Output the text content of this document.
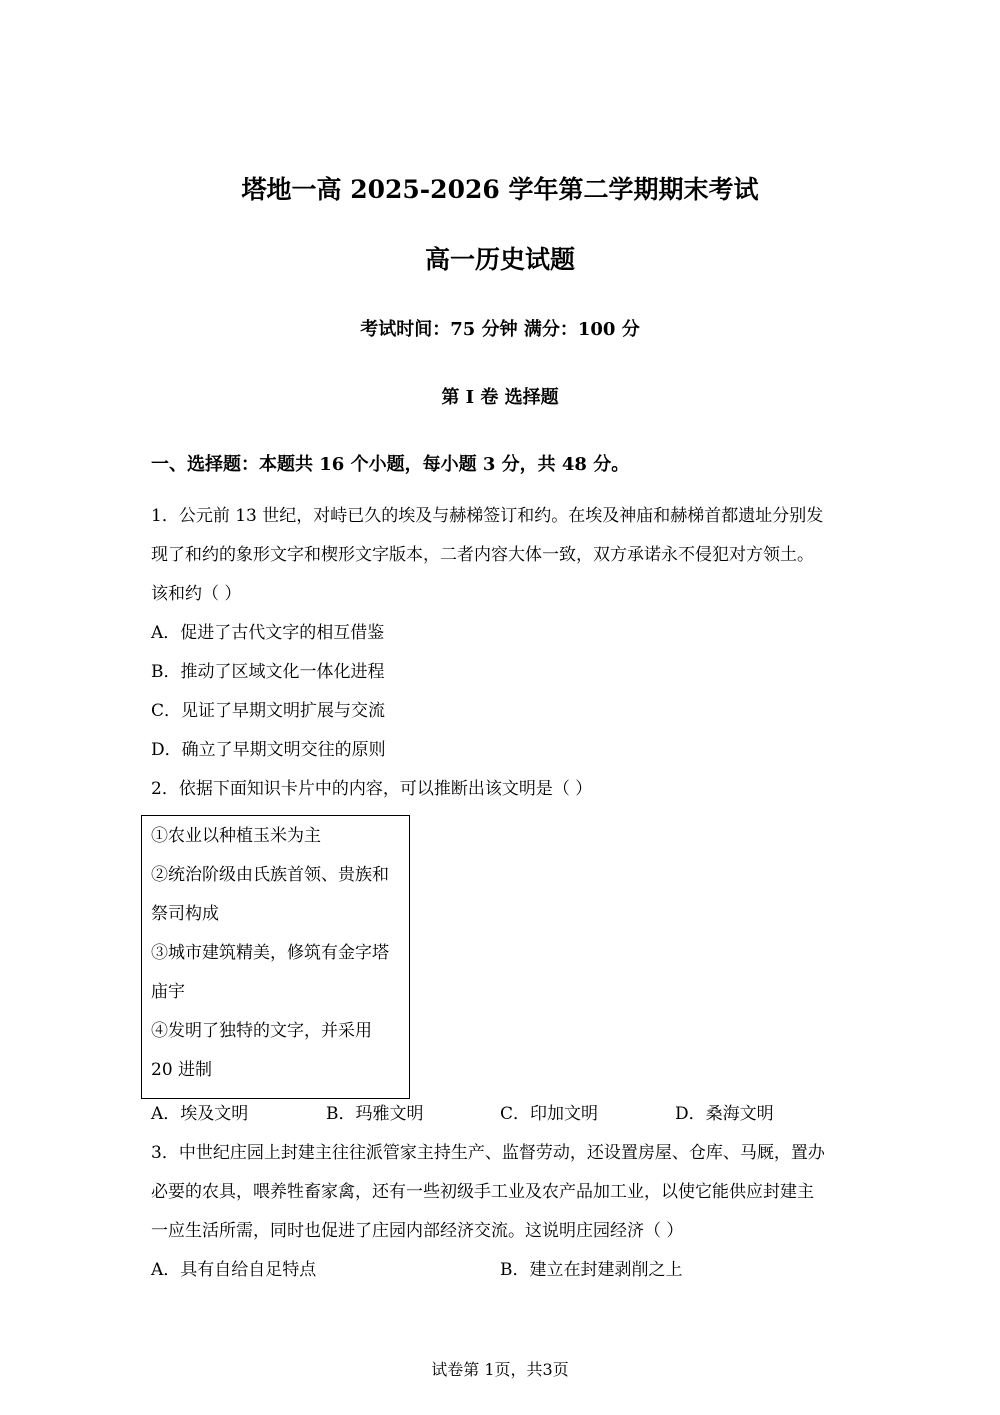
塔地一高 2025-2026 学年第二学期期末考试
高一历史试题
考试时间：75 分钟 满分：100 分
第 Ⅰ 卷 选择题
一、选择题：本题共 16 个小题，每小题 3 分，共 48 分。
1．公元前 13 世纪，对峙已久的埃及与赫梯签订和约。在埃及神庙和赫梯首都遗址分别发
现了和约的象形文字和楔形文字版本，二者内容大体一致，双方承诺永不侵犯对方领土。
该和约（ ）
A．促进了古代文字的相互借鉴
B．推动了区域文化一体化进程
C．见证了早期文明扩展与交流
D．确立了早期文明交往的原则
2．依据下面知识卡片中的内容，可以推断出该文明是（ ）
①农业以种植玉米为主
②统治阶级由氏族首领、贵族和
祭司构成
③城市建筑精美，修筑有金字塔
庙宇
④发明了独特的文字，并采用
20 进制
A．埃及文明	B．玛雅文明	C．印加文明	D．桑海文明
3．中世纪庄园上封建主往往派管家主持生产、监督劳动，还设置房屋、仓库、马厩，置办
必要的农具，喂养牲畜家禽，还有一些初级手工业及农产品加工业，以使它能供应封建主
一应生活所需，同时也促进了庄园内部经济交流。这说明庄园经济（ ）
A．具有自给自足特点	B．建立在封建剥削之上
试卷第 1页，共3页
